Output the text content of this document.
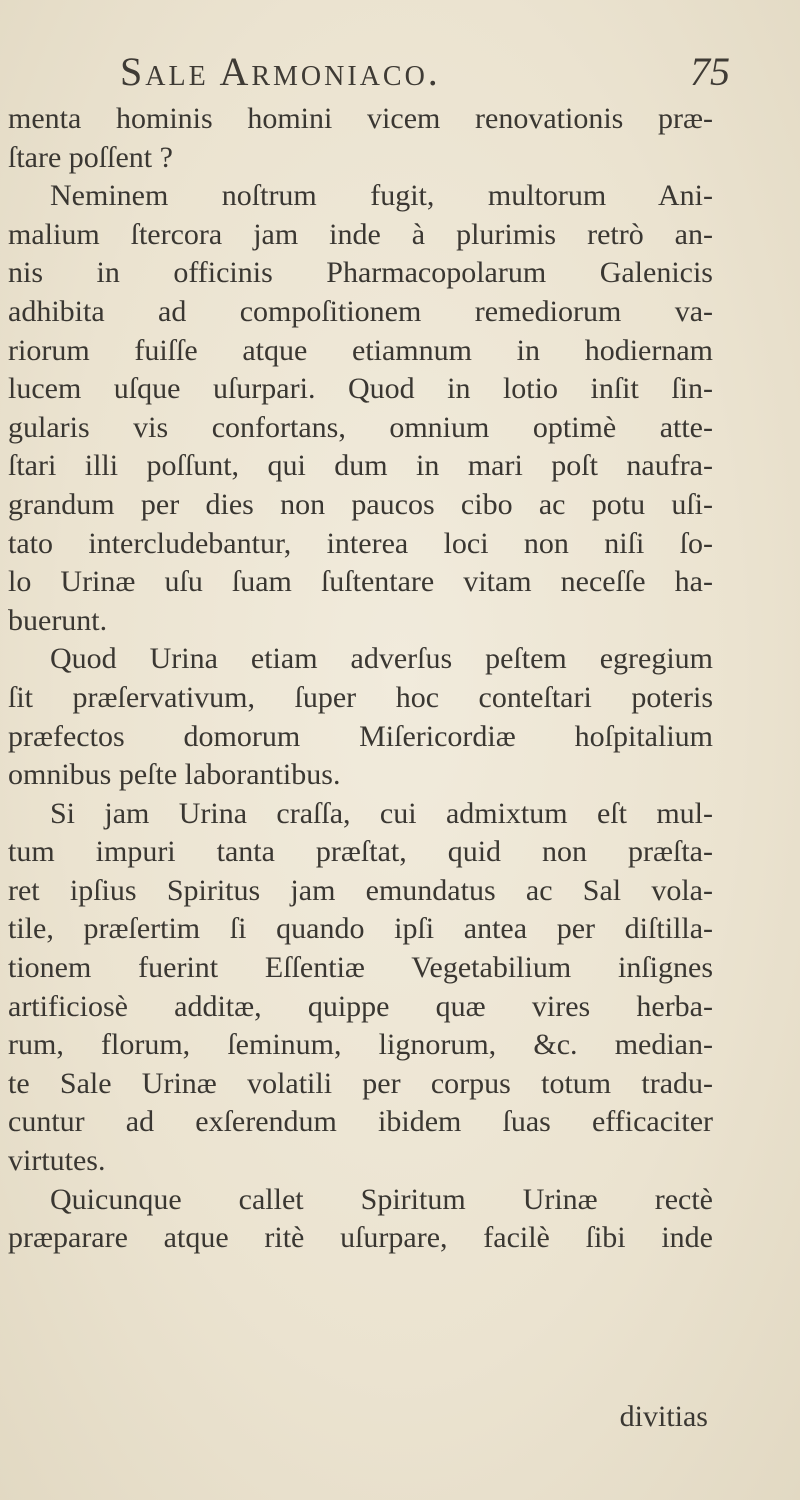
Sale Armoniaco.	75
menta hominis homini vicem renovationis præ-
ſtare poſſent ?
Neminem noſtrum fugit, multorum Ani-
malium ſtercora jam inde à plurimis retrò an-
nis in officinis Pharmacopolarum Galenicis
adhibita ad compoſitionem remediorum va-
riorum fuiſſe atque etiamnum in hodiernam
lucem uſque uſurpari. Quod in lotio inſit ſin-
gularis vis confortans, omnium optimè atte-
ſtari illi poſſunt, qui dum in mari poſt naufra-
grandum per dies non paucos cibo ac potu uſi-
tato intercludebantur, interea loci non niſi ſo-
lo Urinæ uſu ſuam ſuſtentare vitam neceſſe ha-
buerunt.
Quod Urina etiam adverſus peſtem egregium
ſit præſervativum, ſuper hoc conteſtari poteris
præfectos domorum Miſericordiæ hoſpitalium
omnibus peſte laborantibus.
Si jam Urina craſſa, cui admixtum eſt mul-
tum impuri tanta præſtat, quid non præſta-
ret ipſius Spiritus jam emundatus ac Sal vola-
tile, præſertim ſi quando ipſi antea per diſtilla-
tionem fuerint Eſſentiæ Vegetabilium inſignes
artificiosè additæ, quippe quæ vires herba-
rum, florum, ſeminum, lignorum, &c. median-
te Sale Urinæ volatili per corpus totum tradu-
cuntur ad exſerendum ibidem ſuas efficaciter
virtutes.
Quicunque callet Spiritum Urinæ rectè
præparare atque ritè uſurpare, facilè ſibi inde
divitias
